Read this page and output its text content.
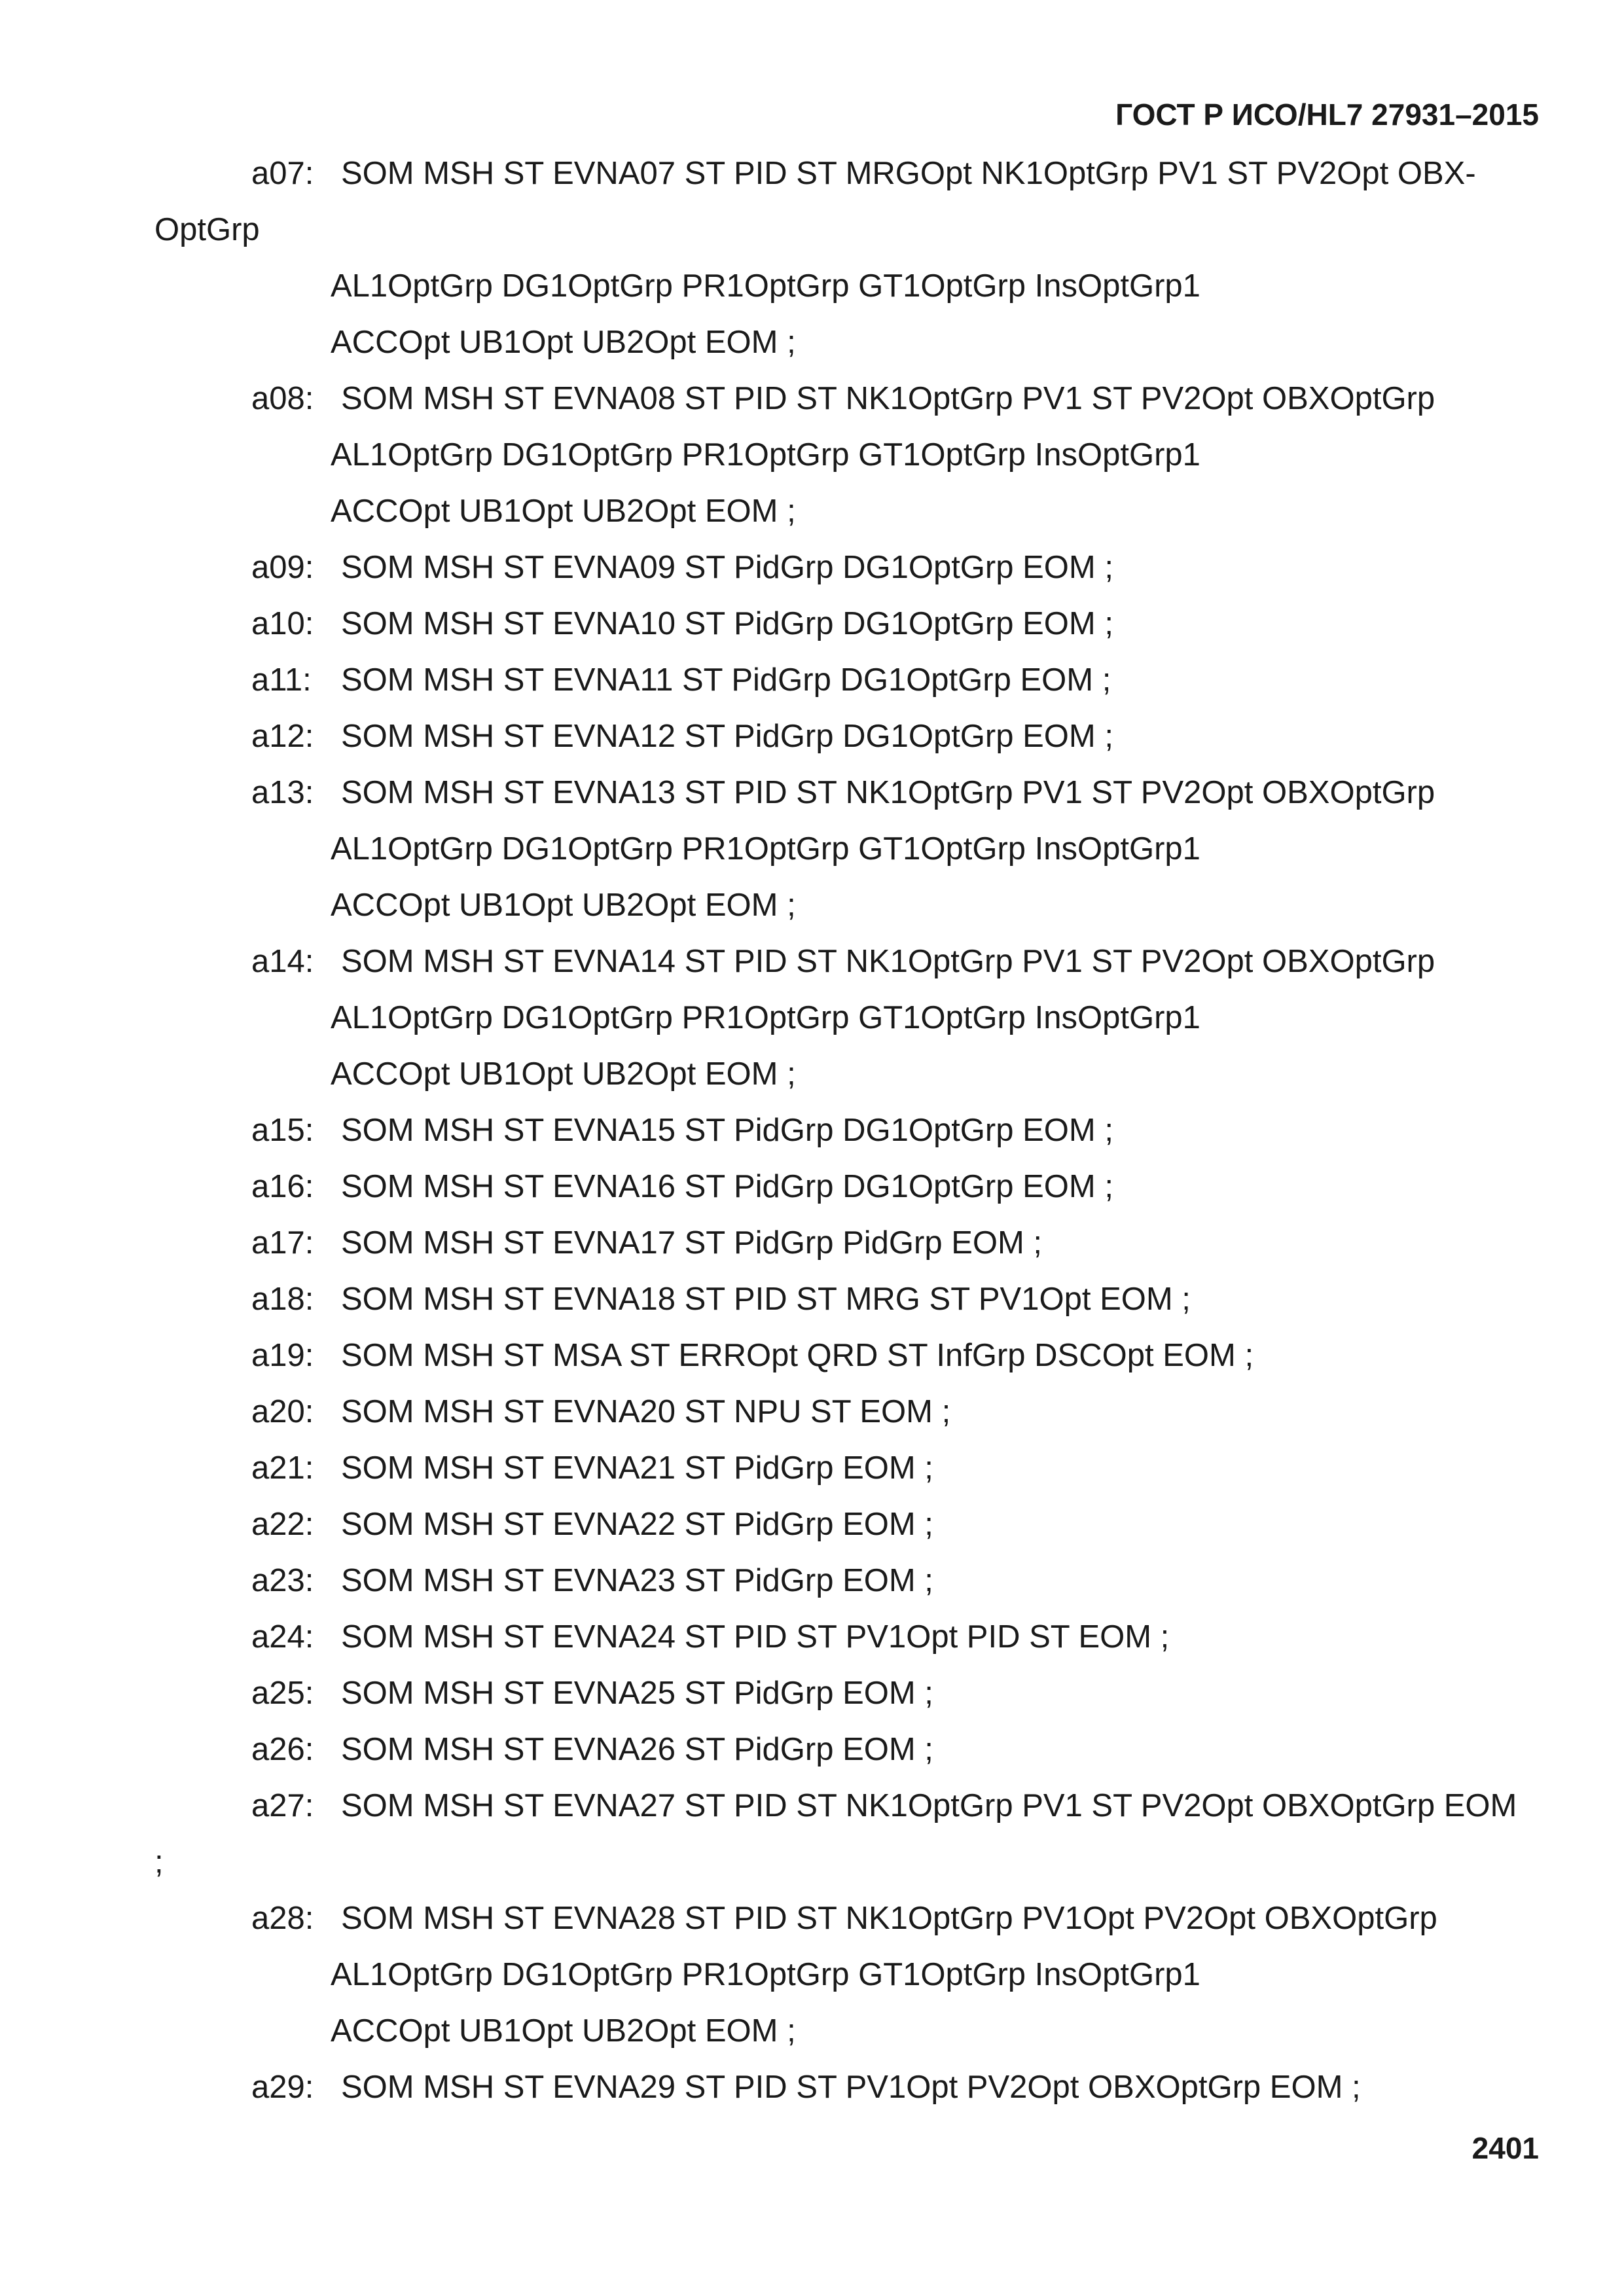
ГОСТ Р ИСО/HL7 27931–2015
a07: SOM MSH ST EVNA07 ST PID ST MRGOpt NK1OptGrp PV1 ST PV2Opt OBX-
OptGrp
AL1OptGrp DG1OptGrp PR1OptGrp GT1OptGrp InsOptGrp1
ACCOpt UB1Opt UB2Opt EOM ;
a08: SOM MSH ST EVNA08 ST PID ST NK1OptGrp PV1 ST PV2Opt OBXOptGrp
AL1OptGrp DG1OptGrp PR1OptGrp GT1OptGrp InsOptGrp1
ACCOpt UB1Opt UB2Opt EOM ;
a09: SOM MSH ST EVNA09 ST PidGrp DG1OptGrp EOM ;
a10: SOM MSH ST EVNA10 ST PidGrp DG1OptGrp EOM ;
a11: SOM MSH ST EVNA11 ST PidGrp DG1OptGrp EOM ;
a12: SOM MSH ST EVNA12 ST PidGrp DG1OptGrp EOM ;
a13: SOM MSH ST EVNA13 ST PID ST NK1OptGrp PV1 ST PV2Opt OBXOptGrp
AL1OptGrp DG1OptGrp PR1OptGrp GT1OptGrp InsOptGrp1
ACCOpt UB1Opt UB2Opt EOM ;
a14: SOM MSH ST EVNA14 ST PID ST NK1OptGrp PV1 ST PV2Opt OBXOptGrp
AL1OptGrp DG1OptGrp PR1OptGrp GT1OptGrp InsOptGrp1
ACCOpt UB1Opt UB2Opt EOM ;
a15: SOM MSH ST EVNA15 ST PidGrp DG1OptGrp EOM ;
a16: SOM MSH ST EVNA16 ST PidGrp DG1OptGrp EOM ;
a17: SOM MSH ST EVNA17 ST PidGrp PidGrp EOM ;
a18: SOM MSH ST EVNA18 ST PID ST MRG ST PV1Opt EOM ;
a19: SOM MSH ST MSA ST ERROpt QRD ST InfGrp DSCOpt EOM ;
a20: SOM MSH ST EVNA20 ST NPU ST EOM ;
a21: SOM MSH ST EVNA21 ST PidGrp EOM ;
a22: SOM MSH ST EVNA22 ST PidGrp EOM ;
a23: SOM MSH ST EVNA23 ST PidGrp EOM ;
a24: SOM MSH ST EVNA24 ST PID ST PV1Opt PID ST EOM ;
a25: SOM MSH ST EVNA25 ST PidGrp EOM ;
a26: SOM MSH ST EVNA26 ST PidGrp EOM ;
a27: SOM MSH ST EVNA27 ST PID ST NK1OptGrp PV1 ST PV2Opt OBXOptGrp EOM
;
a28: SOM MSH ST EVNA28 ST PID ST NK1OptGrp PV1Opt PV2Opt OBXOptGrp
AL1OptGrp DG1OptGrp PR1OptGrp GT1OptGrp InsOptGrp1
ACCOpt UB1Opt UB2Opt EOM ;
a29: SOM MSH ST EVNA29 ST PID ST PV1Opt PV2Opt OBXOptGrp EOM ;
2401
